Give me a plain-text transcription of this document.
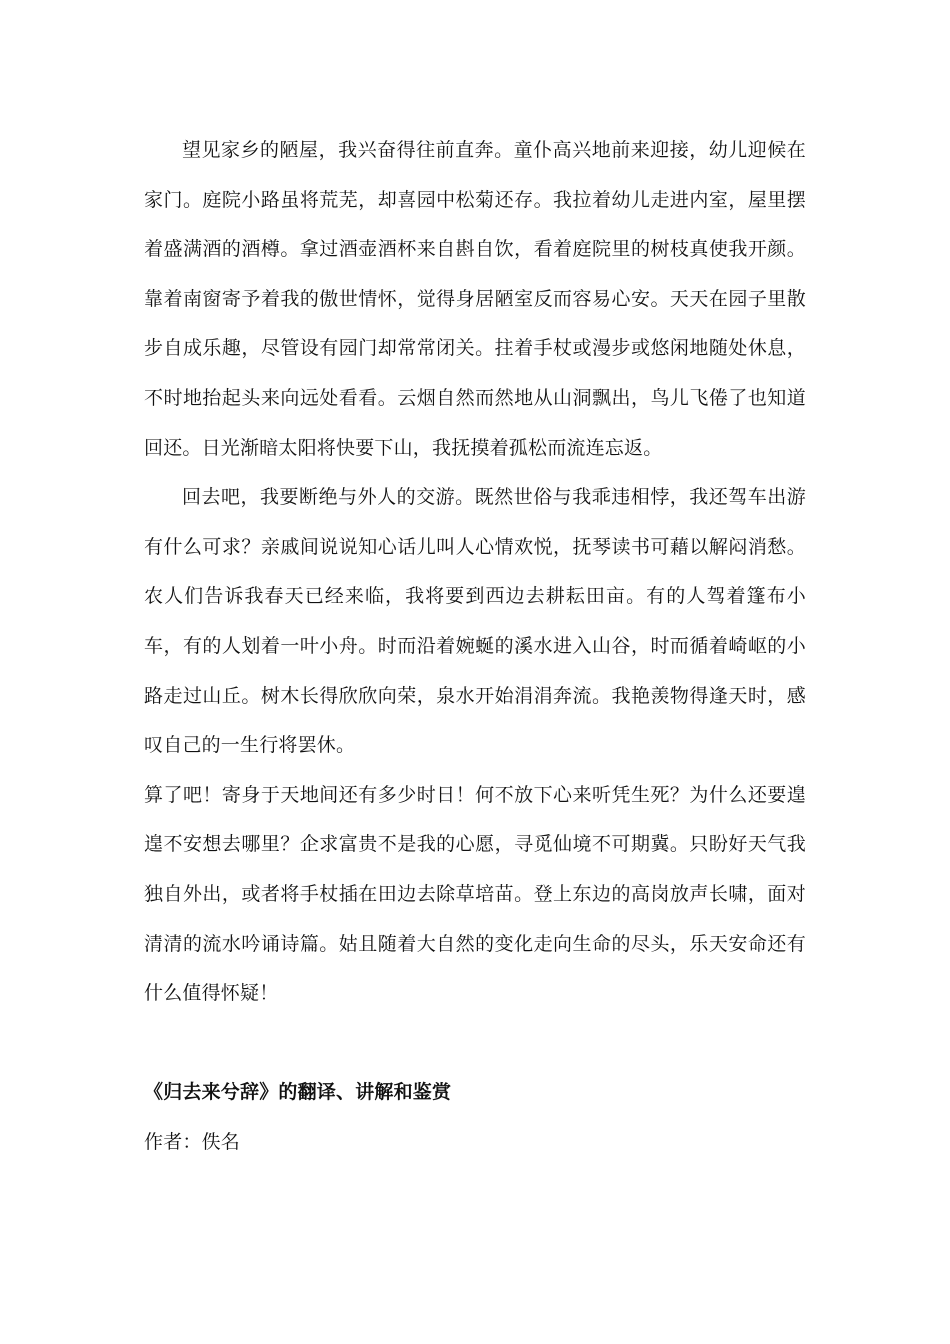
望见家乡的陋屋，我兴奋得往前直奔。童仆高兴地前来迎接，幼儿迎候在家门。庭院小路虽将荒芜，却喜园中松菊还存。我拉着幼儿走进内室，屋里摆着盛满酒的酒樽。拿过酒壶酒杯来自斟自饮，看着庭院里的树枝真使我开颜。靠着南窗寄予着我的傲世情怀，觉得身居陋室反而容易心安。天天在园子里散步自成乐趣，尽管设有园门却常常闭关。拄着手杖或漫步或悠闲地随处休息，不时地抬起头来向远处看看。云烟自然而然地从山洞飘出，鸟儿飞倦了也知道回还。日光渐暗太阳将快要下山，我抚摸着孤松而流连忘返。

回去吧，我要断绝与外人的交游。既然世俗与我乖违相悖，我还驾车出游有什么可求？亲戚间说说知心话儿叫人心情欢悦，抚琴读书可藉以解闷消愁。农人们告诉我春天已经来临，我将要到西边去耕耘田亩。有的人驾着篷布小车，有的人划着一叶小舟。时而沿着婉蜒的溪水进入山谷，时而循着崎岖的小路走过山丘。树木长得欣欣向荣，泉水开始涓涓奔流。我艳羡物得逢天时，感叹自己的一生行将罢休。

算了吧！寄身于天地间还有多少时日！何不放下心来听凭生死？为什么还要遑遑不安想去哪里？企求富贵不是我的心愿，寻觅仙境不可期冀。只盼好天气我独自外出，或者将手杖插在田边去除草培苗。登上东边的高岗放声长啸，面对清清的流水吟诵诗篇。姑且随着大自然的变化走向生命的尽头，乐天安命还有什么值得怀疑！

《归去来兮辞》的翻译、讲解和鉴赏

作者：佚名
